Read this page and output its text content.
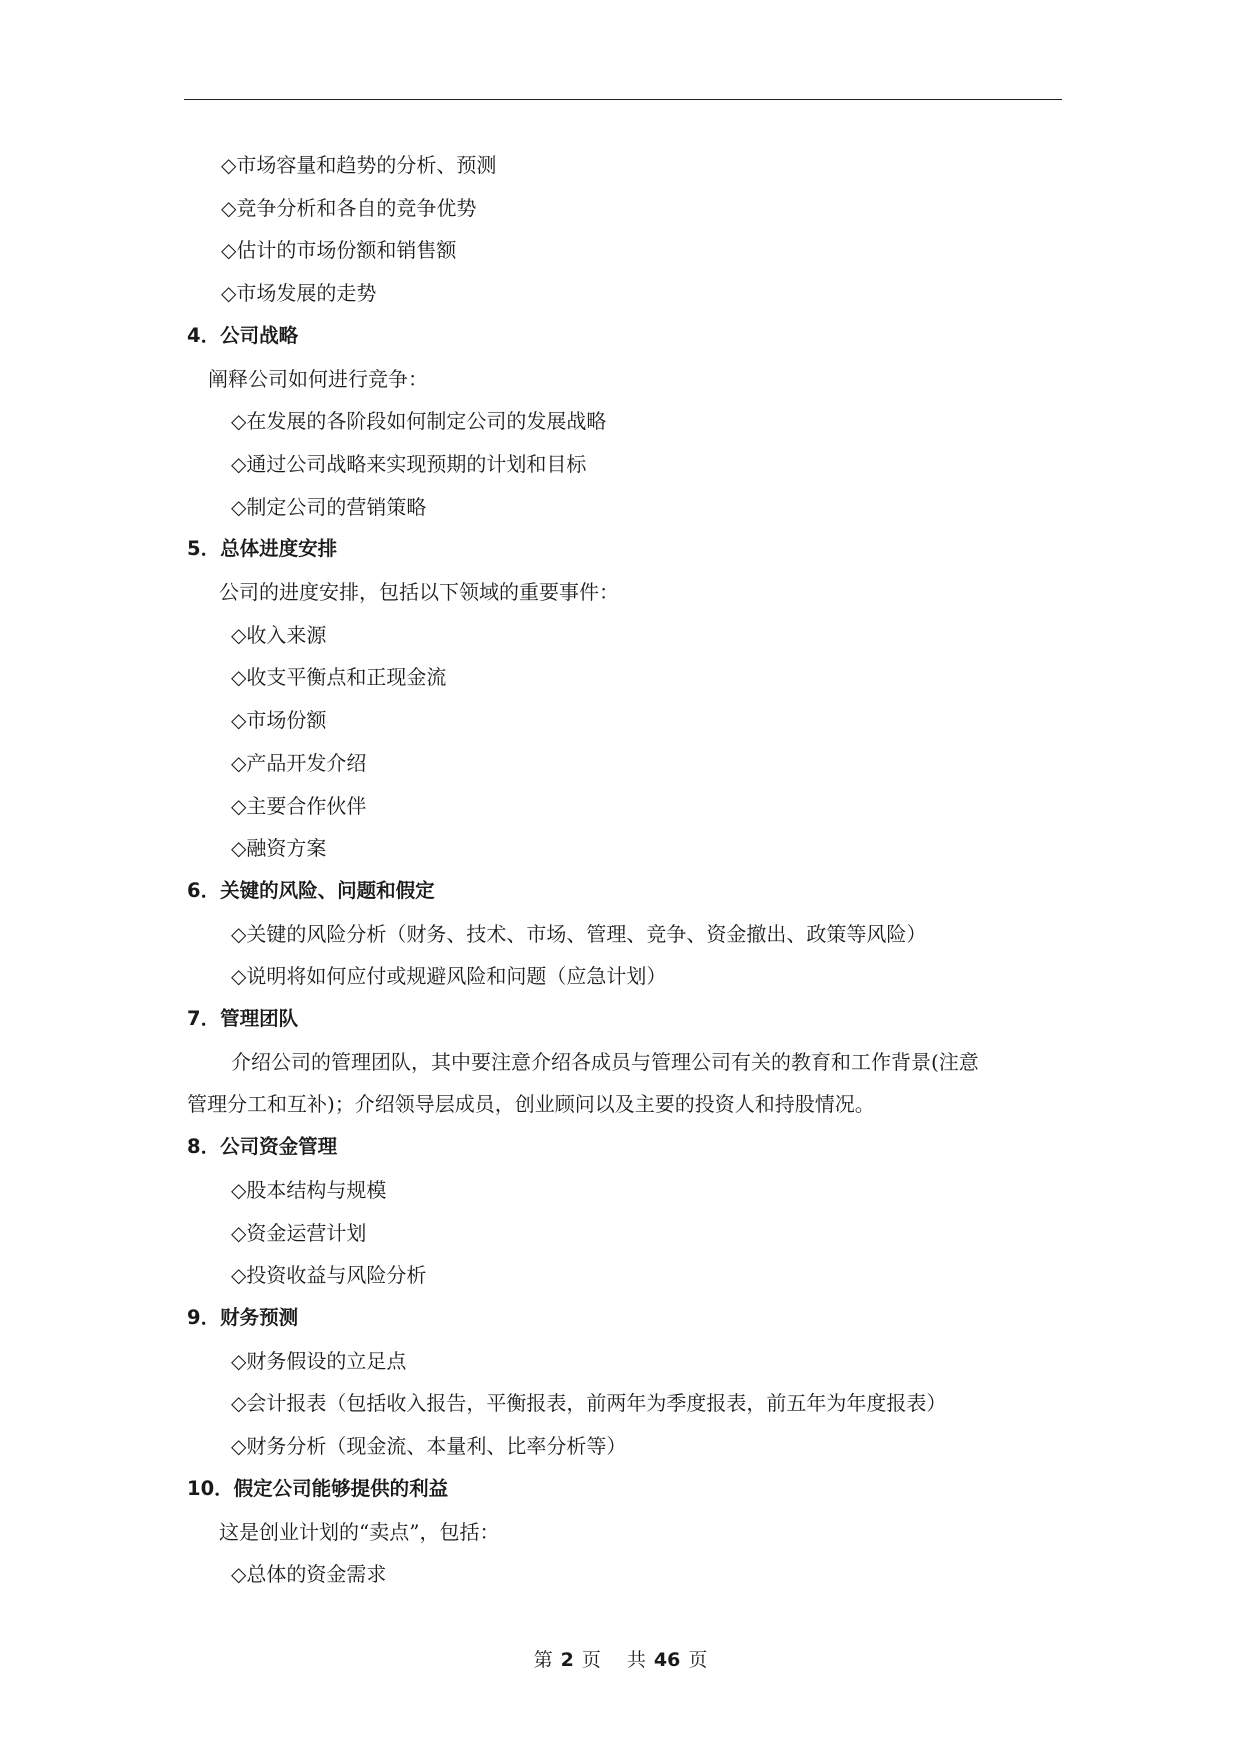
◇市场容量和趋势的分析、预测
◇竞争分析和各自的竞争优势
◇估计的市场份额和销售额
◇市场发展的走势
4．公司战略
阐释公司如何进行竞争：
◇在发展的各阶段如何制定公司的发展战略
◇通过公司战略来实现预期的计划和目标
◇制定公司的营销策略
5．总体进度安排
公司的进度安排，包括以下领域的重要事件：
◇收入来源
◇收支平衡点和正现金流
◇市场份额
◇产品开发介绍
◇主要合作伙伴
◇融资方案
6．关键的风险、问题和假定
◇关键的风险分析（财务、技术、市场、管理、竞争、资金撤出、政策等风险）
◇说明将如何应付或规避风险和问题（应急计划）
7．管理团队
介绍公司的管理团队，其中要注意介绍各成员与管理公司有关的教育和工作背景(注意
管理分工和互补)；介绍领导层成员，创业顾问以及主要的投资人和持股情况。
8．公司资金管理
◇股本结构与规模
◇资金运营计划
◇投资收益与风险分析
9．财务预测
◇财务假设的立足点
◇会计报表（包括收入报告，平衡报表，前两年为季度报表，前五年为年度报表）
◇财务分析（现金流、本量利、比率分析等）
10．假定公司能够提供的利益
这是创业计划的“卖点”，包括：
◇总体的资金需求
第 2 页 共 46 页
